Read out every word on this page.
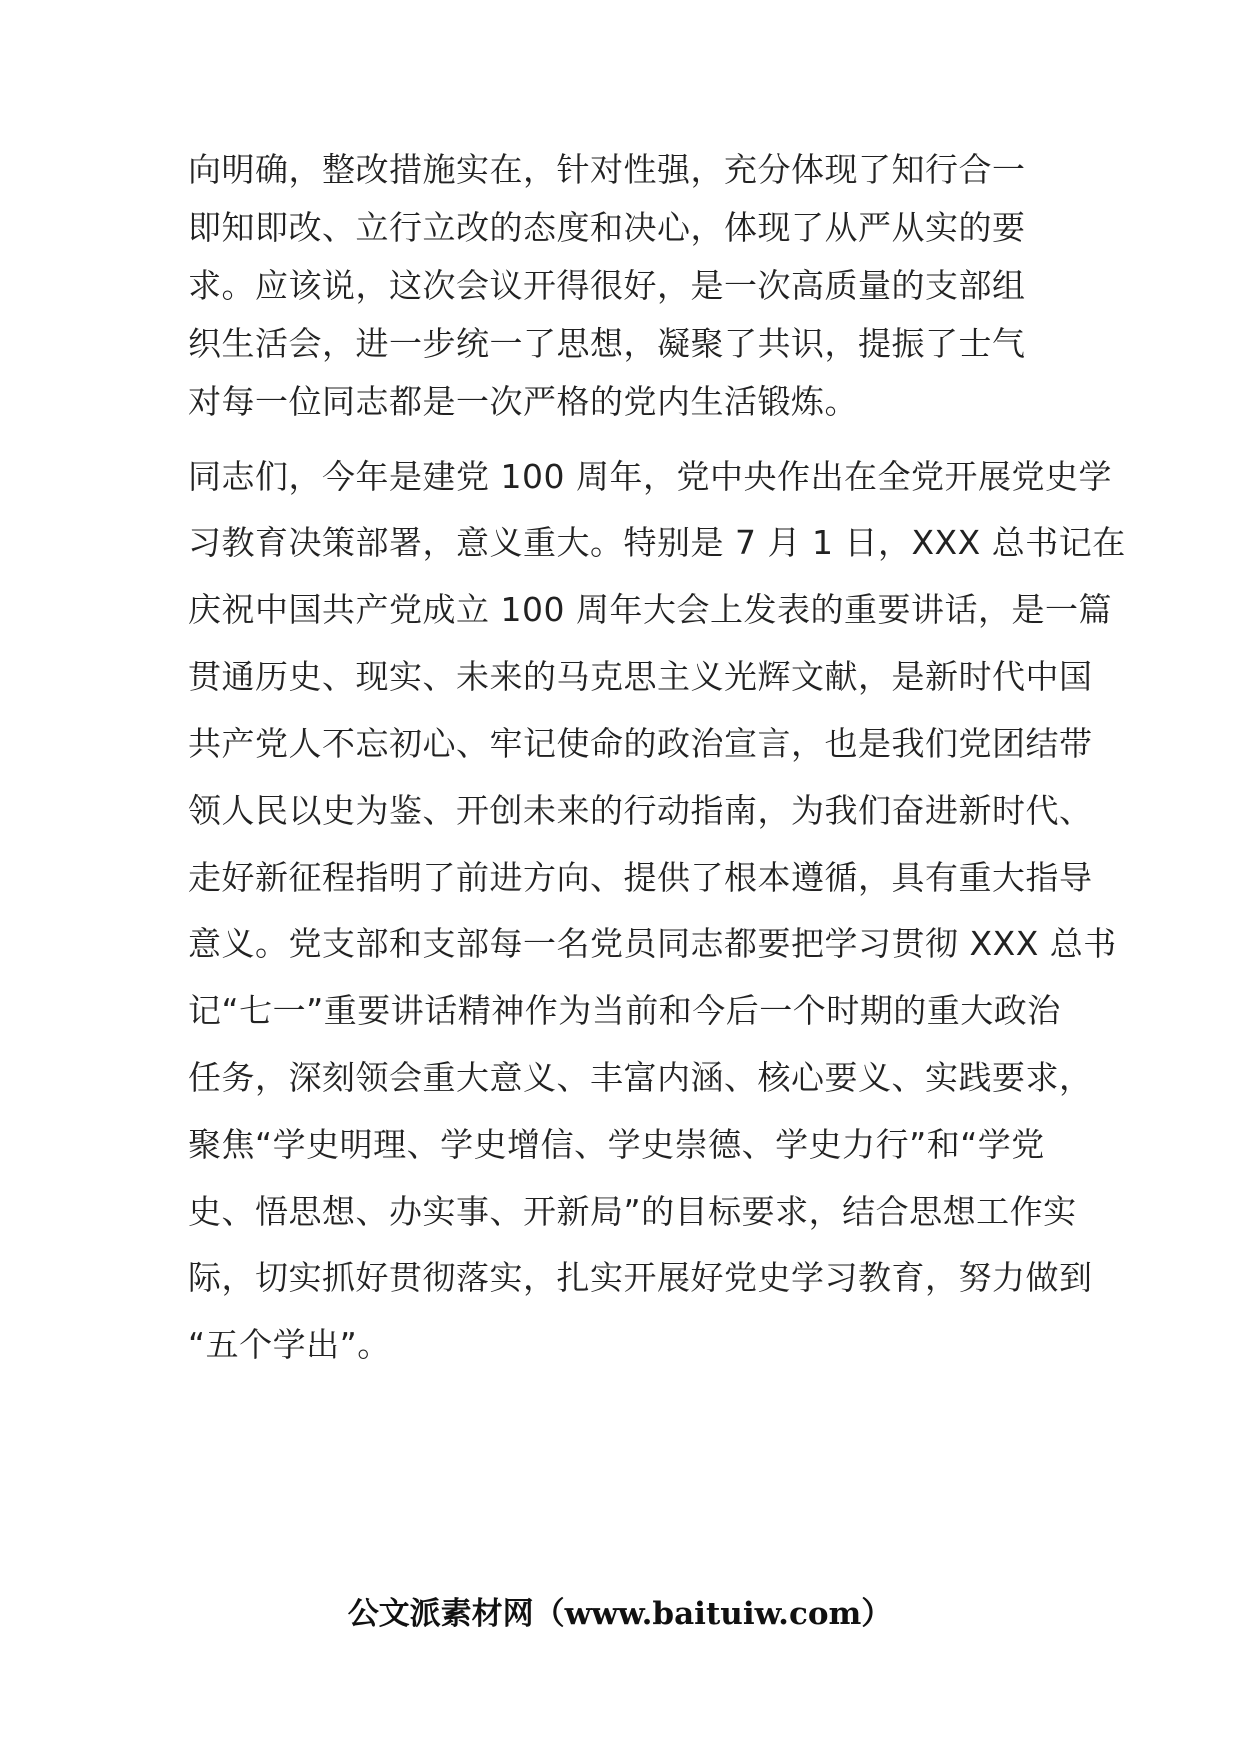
向明确，整改措施实在，针对性强，充分体现了知行合一
即知即改、立行立改的态度和决心，体现了从严从实的要
求。应该说，这次会议开得很好，是一次高质量的支部组
织生活会，进一步统一了思想，凝聚了共识，提振了士气
对每一位同志都是一次严格的党内生活锻炼。
同志们，今年是建党 100 周年，党中央作出在全党开展党史学
习教育决策部署，意义重大。特别是 7 月 1 日，XXX 总书记在
庆祝中国共产党成立 100 周年大会上发表的重要讲话，是一篇
贯通历史、现实、未来的马克思主义光辉文献，是新时代中国
共产党人不忘初心、牢记使命的政治宣言，也是我们党团结带
领人民以史为鉴、开创未来的行动指南，为我们奋进新时代、
走好新征程指明了前进方向、提供了根本遵循，具有重大指导
意义。党支部和支部每一名党员同志都要把学习贯彻 XXX 总书
记“七一”重要讲话精神作为当前和今后一个时期的重大政治
任务，深刻领会重大意义、丰富内涵、核心要义、实践要求，
聚焦“学史明理、学史增信、学史崇德、学史力行”和“学党
史、悟思想、办实事、开新局”的目标要求，结合思想工作实
际，切实抓好贯彻落实，扎实开展好党史学习教育，努力做到
“五个学出”。
公文派素材网（www.baituiw.com）
